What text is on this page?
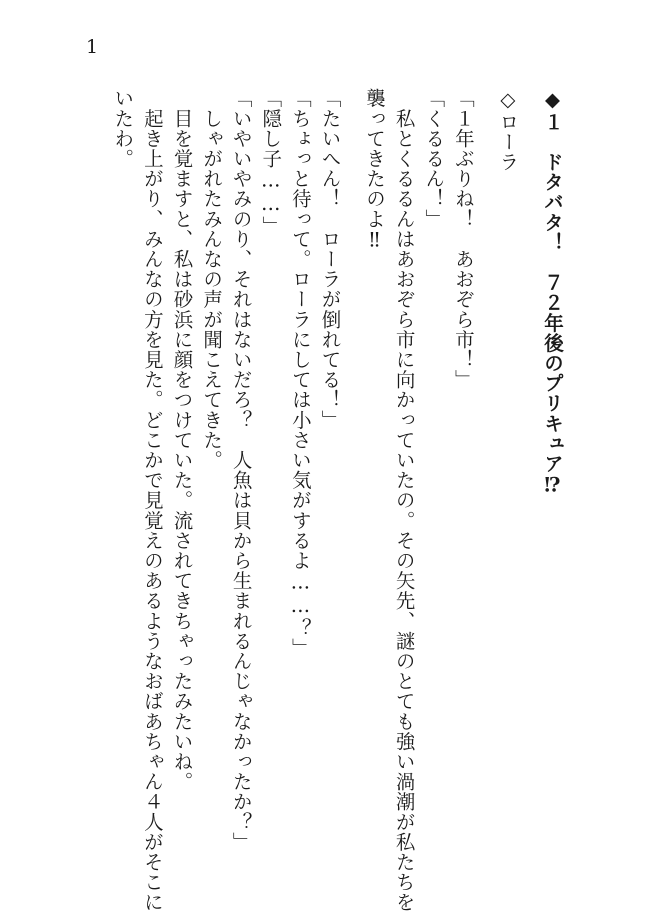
1
◆１　ドタバタ！　７２年後のプリキュア⁉
◇ローラ
「１年ぶりね！　あおぞら市！」
「くるるん！」
　私とくるるんはあおぞら市に向かっていたの。その矢先、謎のとても強い渦潮が私たちを
襲ってきたのよ‼
「たいへん！　ローラが倒れてる！」
「ちょっと待って。ローラにしては小さい気がするよ……？」
「隠し子……」
「いやいやみのり、それはないだろ？　人魚は貝から生まれるんじゃなかったか？」
　しゃがれたみんなの声が聞こえてきた。
　目を覚ますと、私は砂浜に顔をつけていた。流されてきちゃったみたいね。
　起き上がり、みんなの方を見た。どこかで見覚えのあるようなおばあちゃん４人がそこに
いたわ。
